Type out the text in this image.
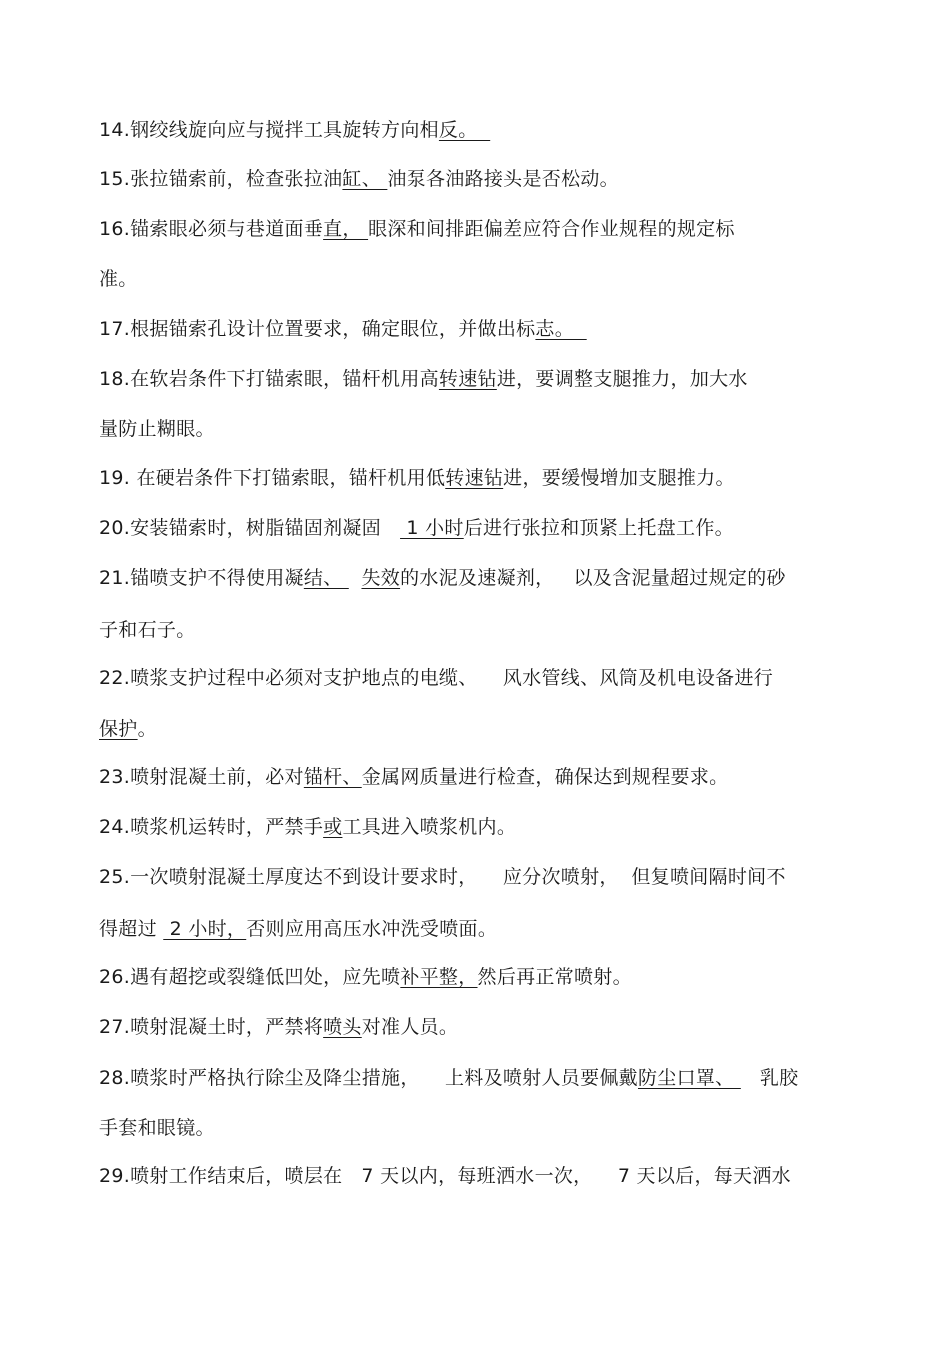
14.钢绞线旋向应与搅拌工具旋转方向相反。
15.张拉锚索前，检查张拉油缸、 油泵各油路接头是否松动。
16.锚索眼必须与巷道面垂直， 眼深和间排距偏差应符合作业规程的规定标
准。
17.根据锚索孔设计位置要求，确定眼位，并做出标志。
18.在软岩条件下打锚索眼，锚杆机用高转速钻进，要调整支腿推力，加大水
量防止糊眼。
19. 在硬岩条件下打锚索眼，锚杆机用低转速钻进，要缓慢增加支腿推力。
20.安装锚索时，树脂锚固剂凝固    1 小时后进行张拉和顶紧上托盘工作。
21.锚喷支护不得使用凝结、   失效的水泥及速凝剂，   以及含泥量超过规定的砂
子和石子。
22.喷浆支护过程中必须对支护地点的电缆、    风水管线、风筒及机电设备进行
保护。
23.喷射混凝土前，必对锚杆、金属网质量进行检查，确保达到规程要求。
24.喷浆机运转时，严禁手或工具进入喷浆机内。
25.一次喷射混凝土厚度达不到设计要求时，    应分次喷射，  但复喷间隔时间不
得超过  2 小时，否则应用高压水冲洗受喷面。
26.遇有超挖或裂缝低凹处，应先喷补平整，然后再正常喷射。
27.喷射混凝土时，严禁将喷头对准人员。
28.喷浆时严格执行除尘及降尘措施，    上料及喷射人员要佩戴防尘口罩、    乳胶
手套和眼镜。
29.喷射工作结束后，喷层在   7 天以内，每班洒水一次，    7 天以后，每天洒水
